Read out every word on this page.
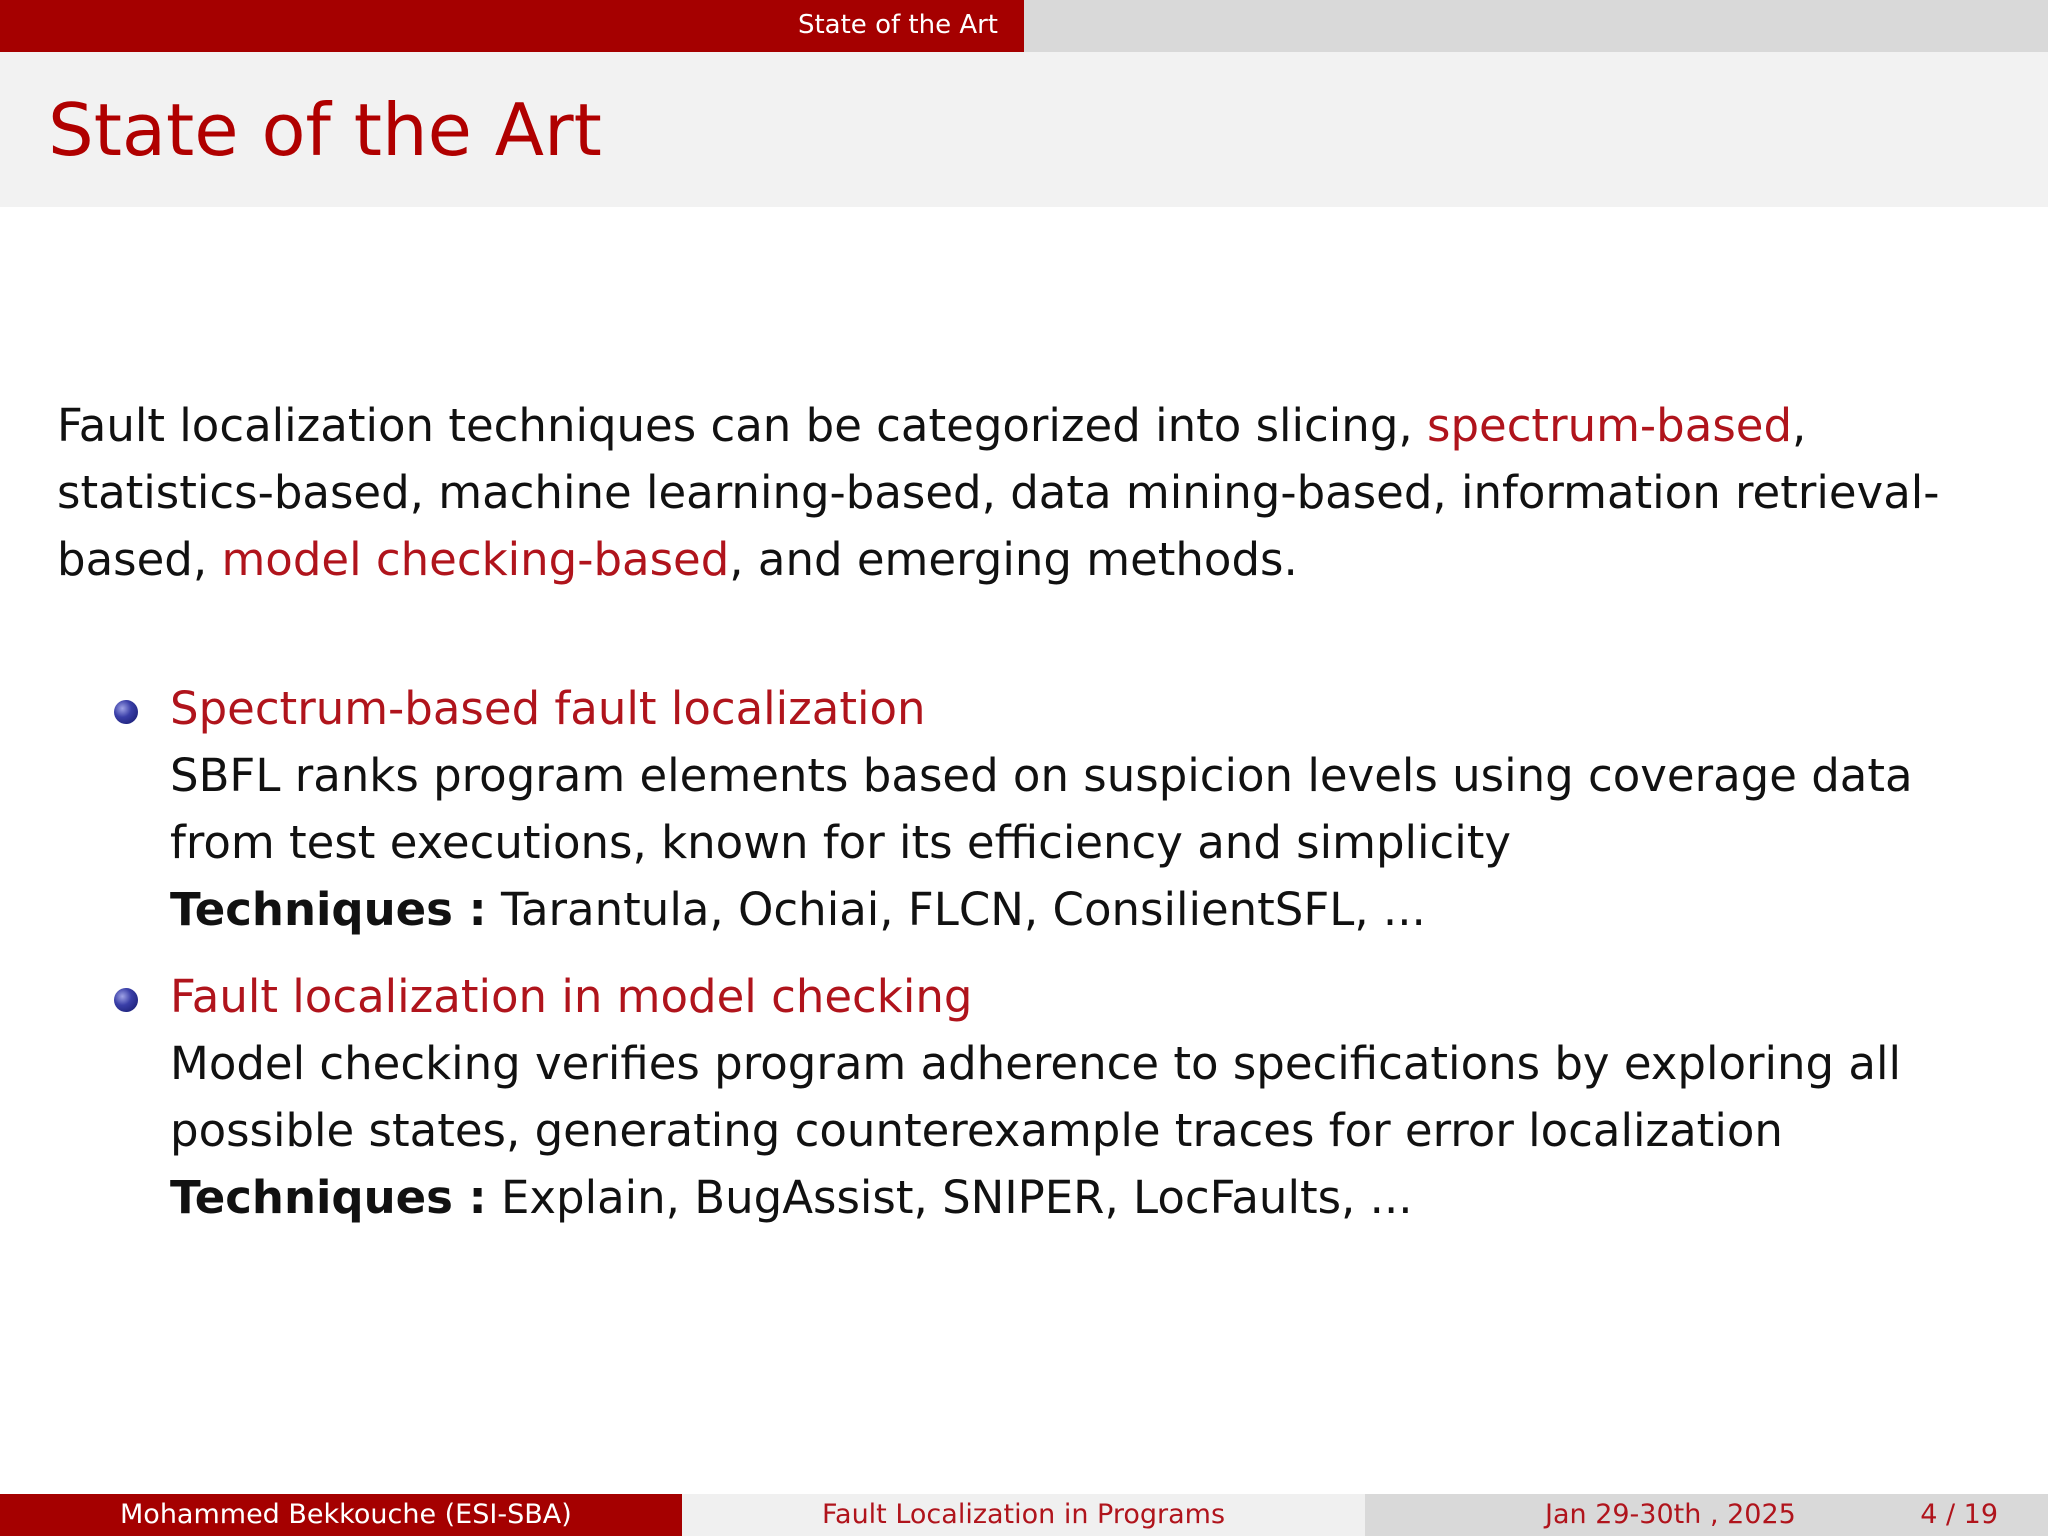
State of the Art
State of the Art
Fault localization techniques can be categorized into slicing, spectrum-based, statistics-based, machine learning-based, data mining-based, information retrieval-based, model checking-based, and emerging methods.
Spectrum-based fault localization
SBFL ranks program elements based on suspicion levels using coverage data from test executions, known for its efficiency and simplicity
Techniques : Tarantula, Ochiai, FLCN, ConsilientSFL, ...
Fault localization in model checking
Model checking verifies program adherence to specifications by exploring all possible states, generating counterexample traces for error localization
Techniques : Explain, BugAssist, SNIPER, LocFaults, ...
Mohammed Bekkouche (ESI-SBA)	Fault Localization in Programs	Jan 29-30th , 2025	4 / 19
